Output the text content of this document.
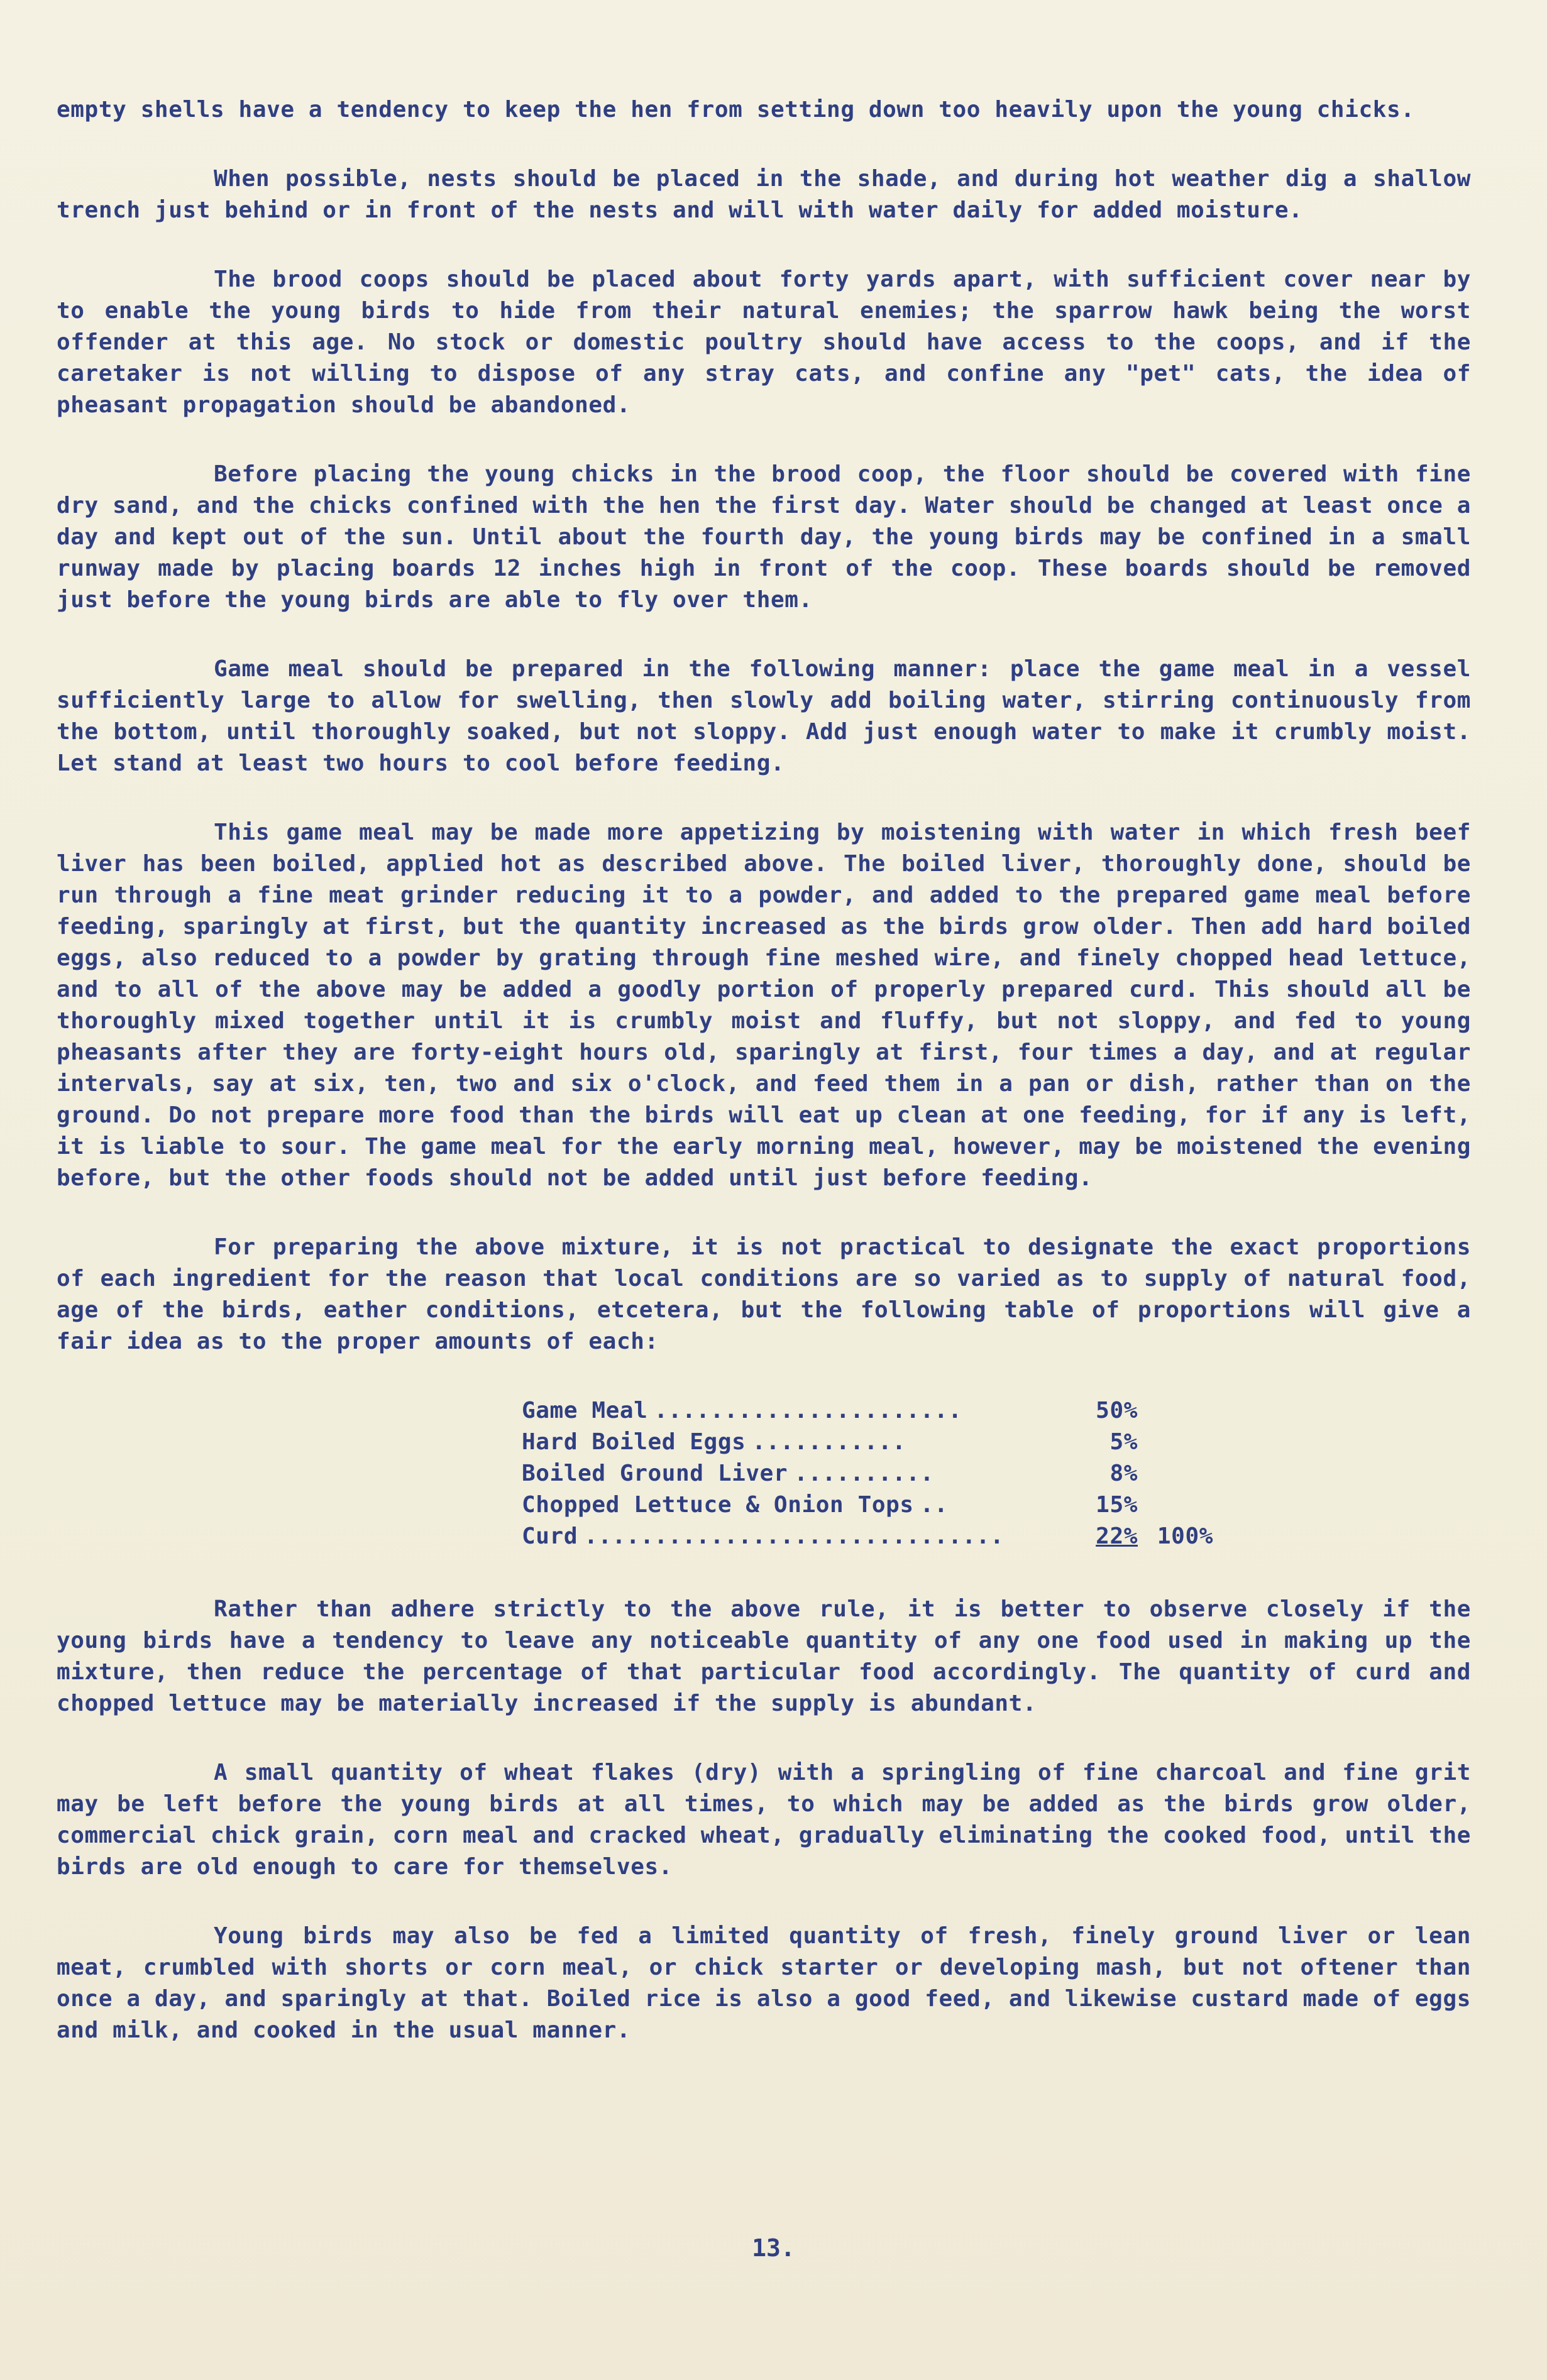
empty shells have a tendency to keep the hen from setting down too heavily upon the young chicks.

When possible, nests should be placed in the shade, and during hot weather dig a shallow trench just behind or in front of the nests and will with water daily for added moisture.

The brood coops should be placed about forty yards apart, with sufficient cover near by to enable the young birds to hide from their natural enemies; the sparrow hawk being the worst offender at this age. No stock or domestic poultry should have access to the coops, and if the caretaker is not willing to dispose of any stray cats, and confine any "pet" cats, the idea of pheasant propagation should be abandoned.

Before placing the young chicks in the brood coop, the floor should be covered with fine dry sand, and the chicks confined with the hen the first day. Water should be changed at least once a day and kept out of the sun. Until about the fourth day, the young birds may be confined in a small runway made by placing boards 12 inches high in front of the coop. These boards should be removed just before the young birds are able to fly over them.

Game meal should be prepared in the following manner: place the game meal in a vessel sufficiently large to allow for swelling, then slowly add boiling water, stirring continuously from the bottom, until thoroughly soaked, but not sloppy. Add just enough water to make it crumbly moist. Let stand at least two hours to cool before feeding.

This game meal may be made more appetizing by moistening with water in which fresh beef liver has been boiled, applied hot as described above. The boiled liver, thoroughly done, should be run through a fine meat grinder reducing it to a powder, and added to the prepared game meal before feeding, sparingly at first, but the quantity increased as the birds grow older. Then add hard boiled eggs, also reduced to a powder by grating through fine meshed wire, and finely chopped head lettuce, and to all of the above may be added a goodly portion of properly prepared curd. This should all be thoroughly mixed together until it is crumbly moist and fluffy, but not sloppy, and fed to young pheasants after they are forty-eight hours old, sparingly at first, four times a day, and at regular intervals, say at six, ten, two and six o'clock, and feed them in a pan or dish, rather than on the ground. Do not prepare more food than the birds will eat up clean at one feeding, for if any is left, it is liable to sour. The game meal for the early morning meal, however, may be moistened the evening before, but the other foods should not be added until just before feeding.

For preparing the above mixture, it is not practical to designate the exact proportions of each ingredient for the reason that local conditions are so varied as to supply of natural food, age of the birds, eather conditions, etcetera, but the following table of proportions will give a fair idea as to the proper amounts of each:

Game Meal ......................	50%
Hard Boiled Eggs ...........	5%
Boiled Ground Liver ..........	8%
Chopped Lettuce & Onion Tops ..	15%
Curd ..............................	22% 100%

Rather than adhere strictly to the above rule, it is better to observe closely if the young birds have a tendency to leave any noticeable quantity of any one food used in making up the mixture, then reduce the percentage of that particular food accordingly. The quantity of curd and chopped lettuce may be materially increased if the supply is abundant.

A small quantity of wheat flakes (dry) with a springling of fine charcoal and fine grit may be left before the young birds at all times, to which may be added as the birds grow older, commercial chick grain, corn meal and cracked wheat, gradually eliminating the cooked food, until the birds are old enough to care for themselves.

Young birds may also be fed a limited quantity of fresh, finely ground liver or lean meat, crumbled with shorts or corn meal, or chick starter or developing mash, but not oftener than once a day, and sparingly at that. Boiled rice is also a good feed, and likewise custard made of eggs and milk, and cooked in the usual manner.

13.
